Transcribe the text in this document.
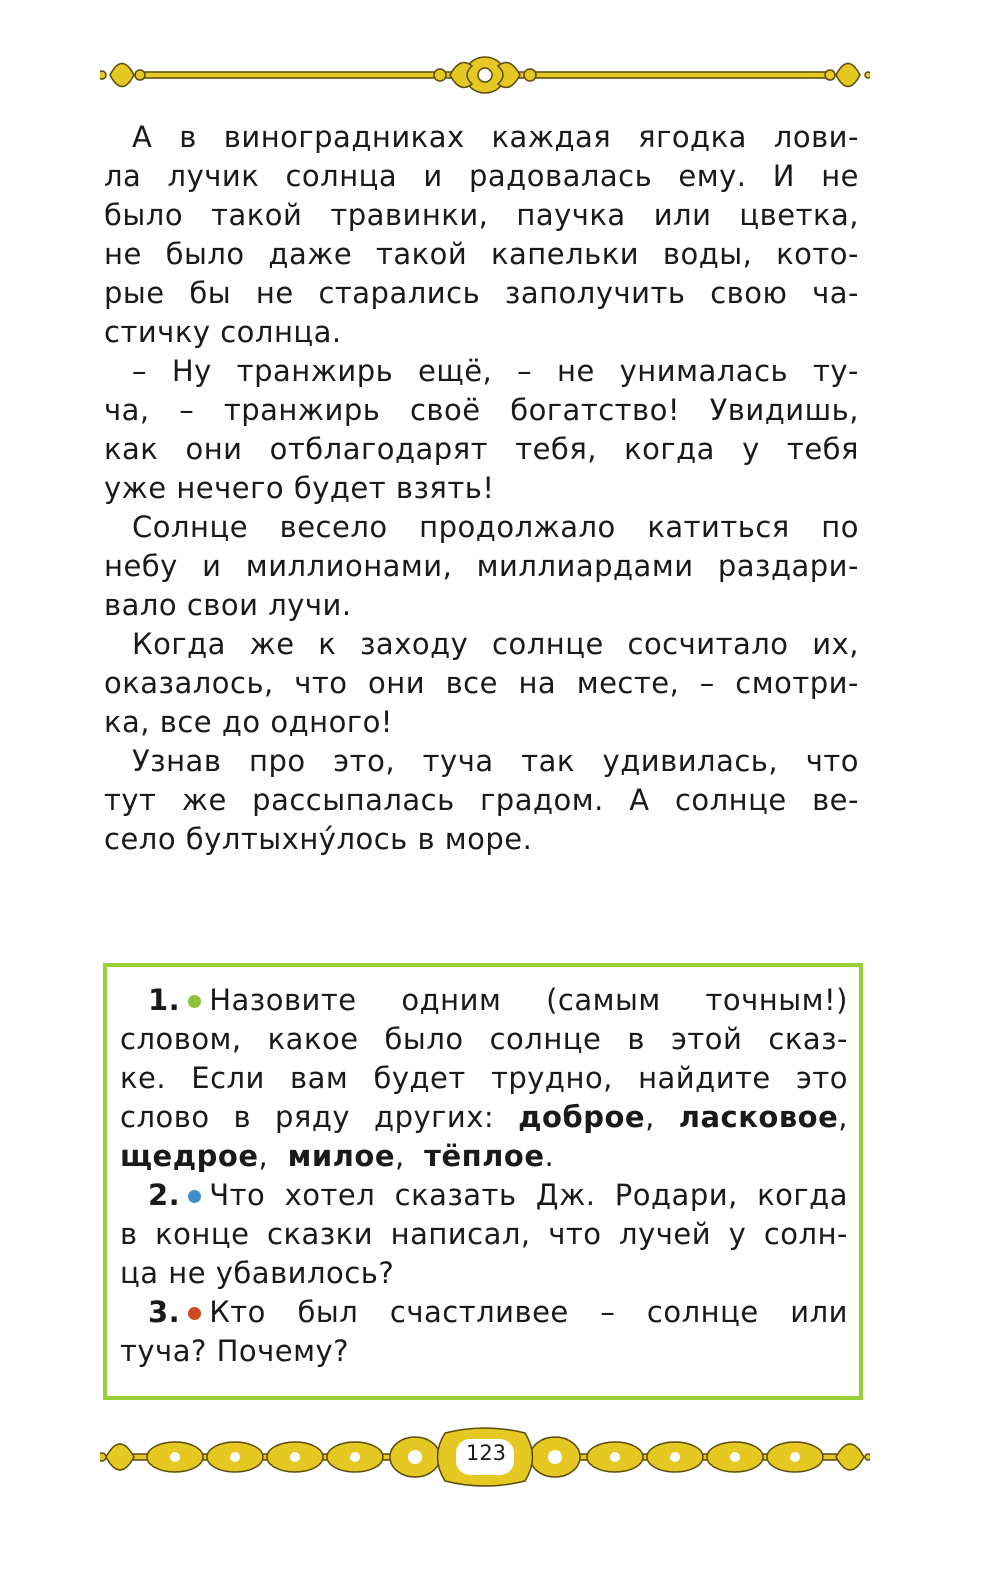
А в виноградниках каждая ягодка лови-
ла лучик солнца и радовалась ему. И не
было такой травинки, паучка или цветка,
не было даже такой капельки воды, кото-
рые бы не старались заполучить свою ча-
стичку солнца.

– Ну транжирь ещё, – не унималась ту-
ча, – транжирь своё богатство! Увидишь,
как они отблагодарят тебя, когда у тебя
уже нечего будет взять!

Солнце весело продолжало катиться по
небу и миллионами, миллиардами раздари-
вало свои лучи.

Когда же к заходу солнце сосчитало их,
оказалось, что они все на месте, – смотри-
ка, все до одного!

Узнав про это, туча так удивилась, что
тут же рассыпалась градом. А солнце ве-
село бултыхну́лось в море.

1. Назовите одним (самым точным!)
словом, какое было солнце в этой сказ-
ке. Если вам будет трудно, найдите это
слово в ряду других: доброе, ласковое,
щедрое,  милое,  тёплое.

2. Что хотел сказать Дж. Родари, когда
в конце сказки написал, что лучей у солн-
ца не убавилось?

3. Кто был счастливее – солнце или
туча? Почему?

123
